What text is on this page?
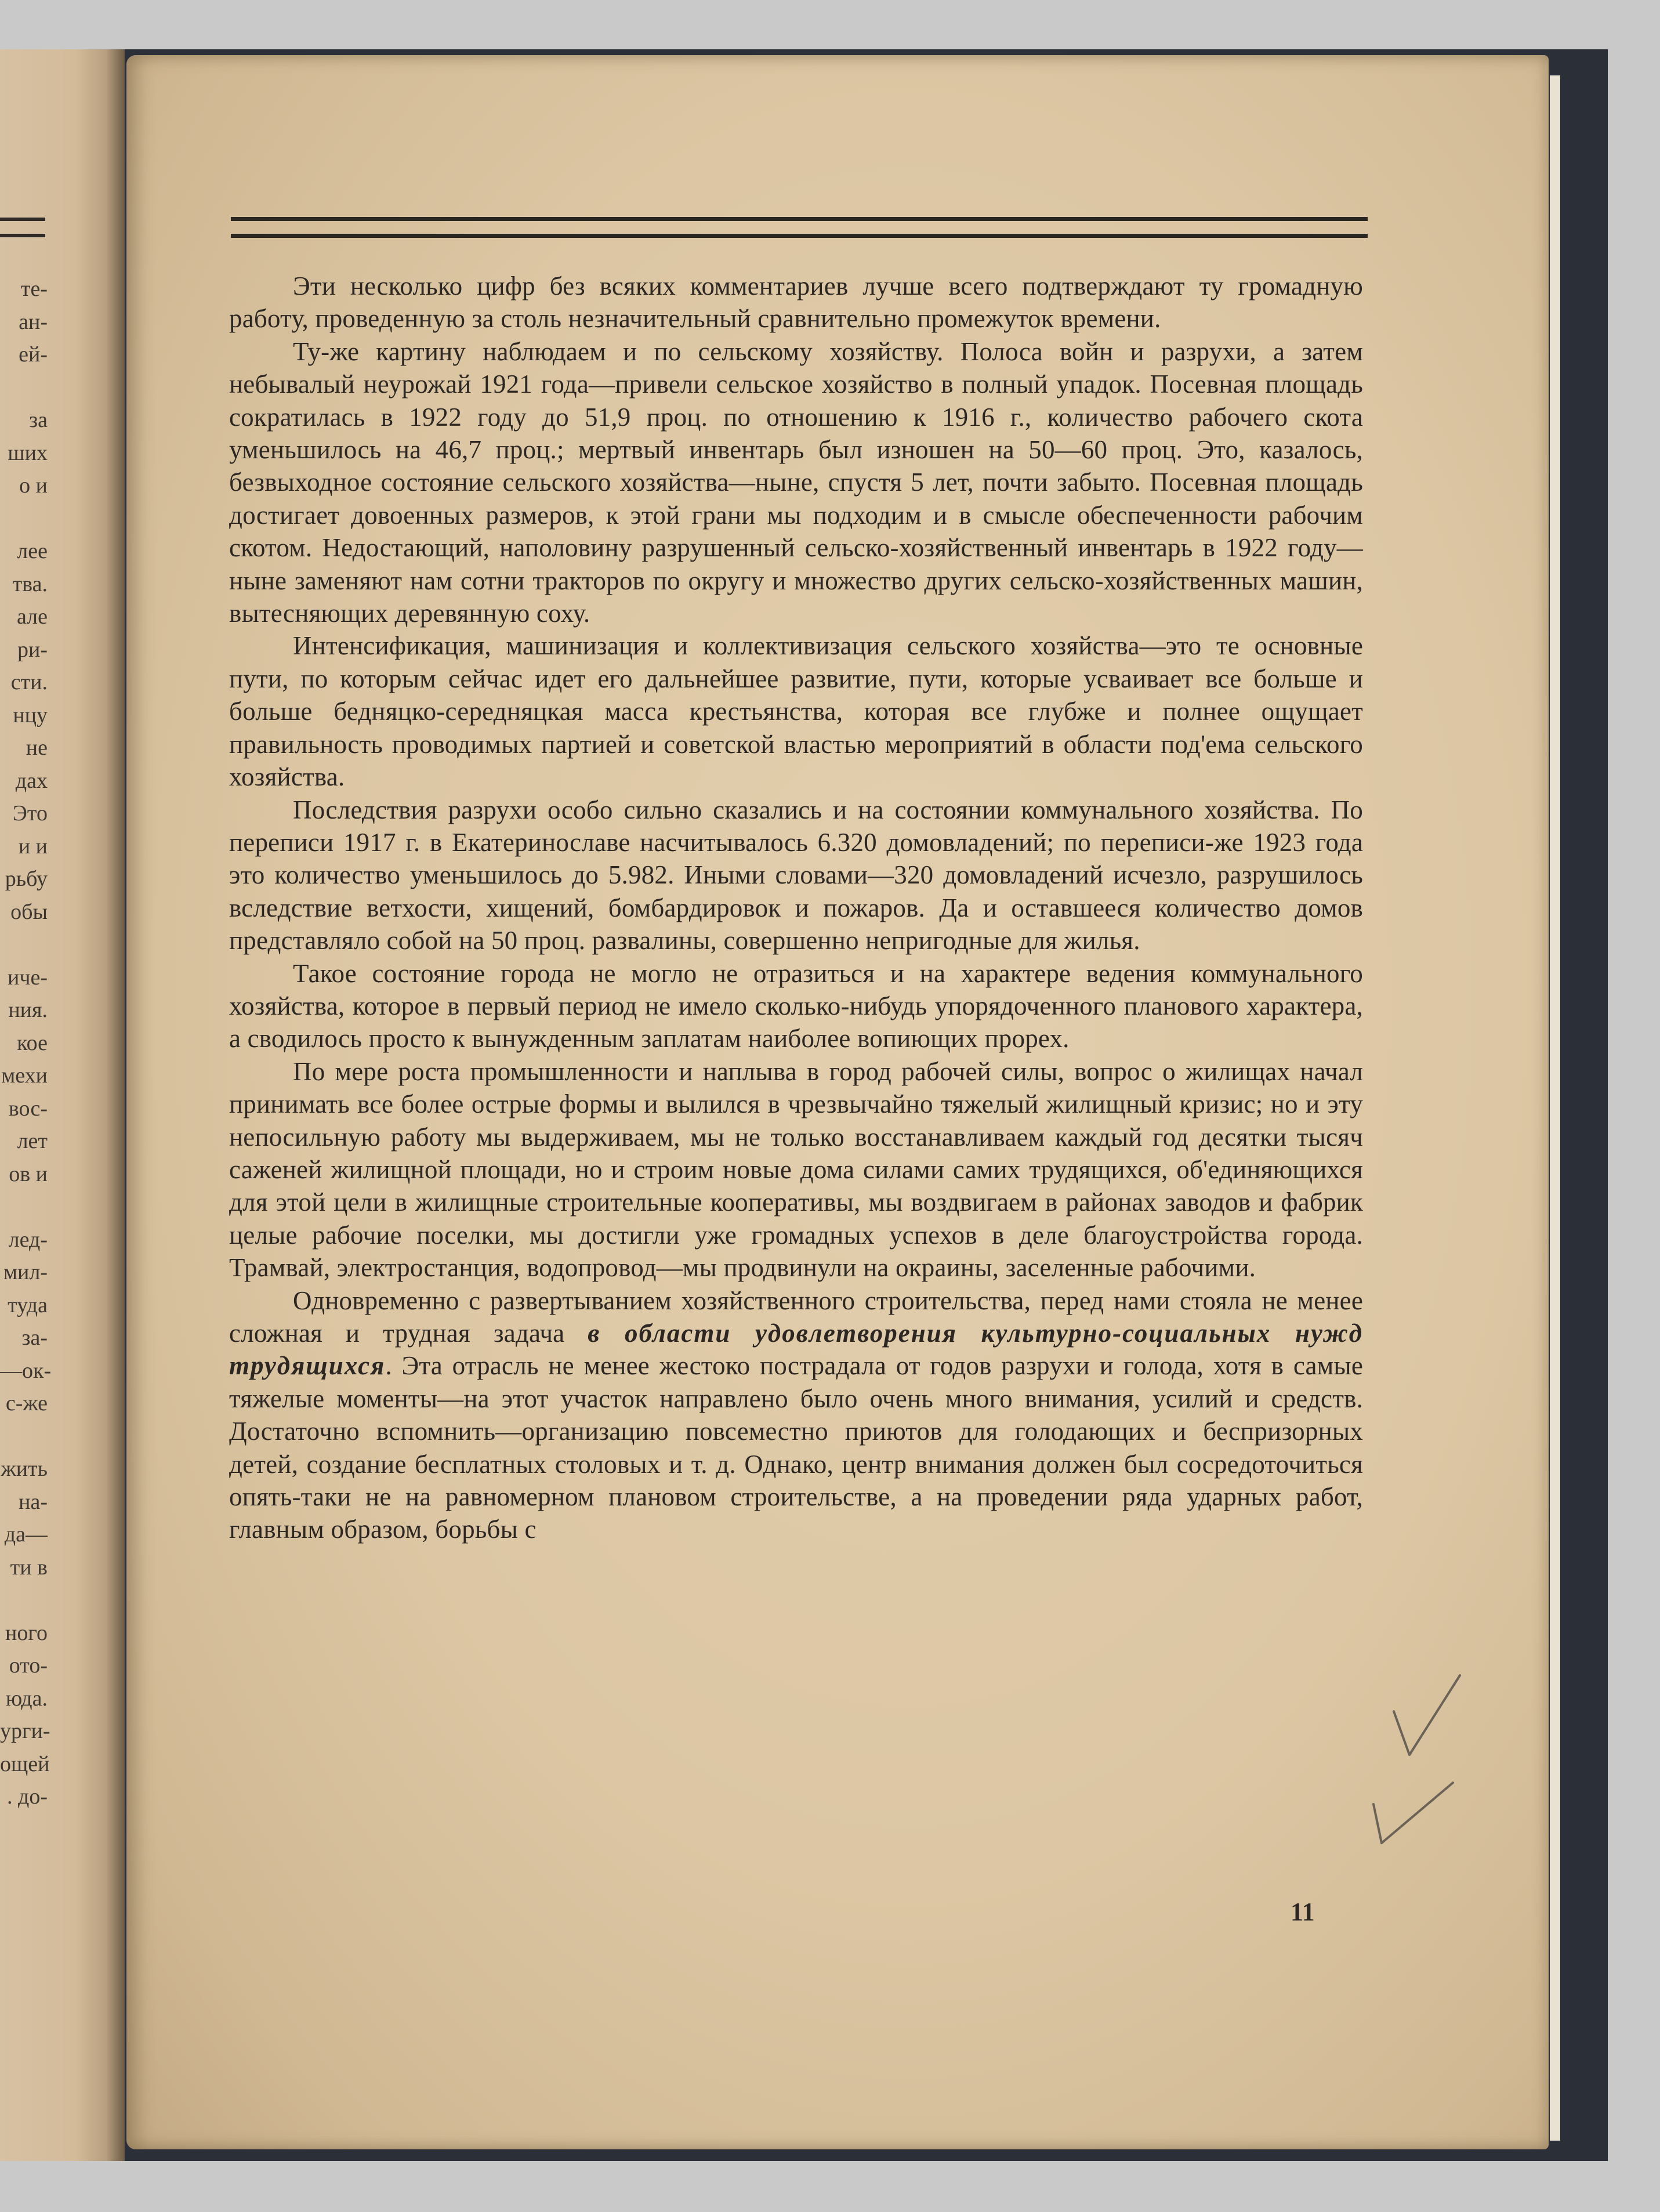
те-
ан-
ей-
за
ших
о и
лее
тва.
але
ри-
сти.
нцу
не
дах
Это
и и
рьбу
обы
иче-
ния.
кое
мехи
вос-
лет
ов и
лед-
мил-
туда
за-
—ок-
с-же
жить
на-
да—
ти в
ного
ото-
юда.
урги-
ощей
. до-

Эти несколько цифр без всяких комментариев лучше всего подтверждают ту громадную работу, проведенную за столь незначительный сравнительно промежуток времени.

Ту-же картину наблюдаем и по сельскому хозяйству. Полоса войн и разрухи, а затем небывалый неурожай 1921 года—привели сельское хозяйство в полный упадок. Посевная площадь сократилась в 1922 году до 51,9 проц. по отношению к 1916 г., количество рабочего скота уменьшилось на 46,7 проц.; мертвый инвентарь был изношен на 50—60 проц. Это, казалось, безвыходное состояние сельского хозяйства—ныне, спустя 5 лет, почти забыто. Посевная площадь достигает довоенных размеров, к этой грани мы подходим и в смысле обеспеченности рабочим скотом. Недостающий, наполовину разрушенный сельско-хозяйственный инвентарь в 1922 году—ныне заменяют нам сотни тракторов по округу и множество других сельско-хозяйственных машин, вытесняющих деревянную соху.

Интенсификация, машинизация и коллективизация сельского хозяйства—это те основные пути, по которым сейчас идет его дальнейшее развитие, пути, которые усваивает все больше и больше бедняцко-середняцкая масса крестьянства, которая все глубже и полнее ощущает правильность проводимых партией и советской властью мероприятий в области под'ема сельского хозяйства.

Последствия разрухи особо сильно сказались и на состоянии коммунального хозяйства. По переписи 1917 г. в Екатеринославе насчитывалось 6.320 домовладений; по переписи-же 1923 года это количество уменьшилось до 5.982. Иными словами—320 домовладений исчезло, разрушилось вследствие ветхости, хищений, бомбардировок и пожаров. Да и оставшееся количество домов представляло собой на 50 проц. развалины, совершенно непригодные для жилья.

Такое состояние города не могло не отразиться и на характере ведения коммунального хозяйства, которое в первый период не имело сколько-нибудь упорядоченного планового характера, а сводилось просто к вынужденным заплатам наиболее вопиющих прорех.

По мере роста промышленности и наплыва в город рабочей силы, вопрос о жилищах начал принимать все более острые формы и вылился в чрезвычайно тяжелый жилищный кризис; но и эту непосильную работу мы выдерживаем, мы не только восстанавливаем каждый год десятки тысяч саженей жилищной площади, но и строим новые дома силами самих трудящихся, об'единяющихся для этой цели в жилищные строительные кооперативы, мы воздвигаем в районах заводов и фабрик целые рабочие поселки, мы достигли уже громадных успехов в деле благоустройства города. Трамвай, электростанция, водопровод—мы продвинули на окраины, заселенные рабочими.

Одновременно с развертыванием хозяйственного строительства, перед нами стояла не менее сложная и трудная задача в области удовлетворения культурно-социальных нужд трудящихся. Эта отрасль не менее жестоко пострадала от годов разрухи и голода, хотя в самые тяжелые моменты—на этот участок направлено было очень много внимания, усилий и средств. Достаточно вспомнить—организацию повсеместно приютов для голодающих и беспризорных детей, создание бесплатных столовых и т. д. Однако, центр внимания должен был сосредоточиться опять-таки не на равномерном плановом строительстве, а на проведении ряда ударных работ, главным образом, борьбы с

11
